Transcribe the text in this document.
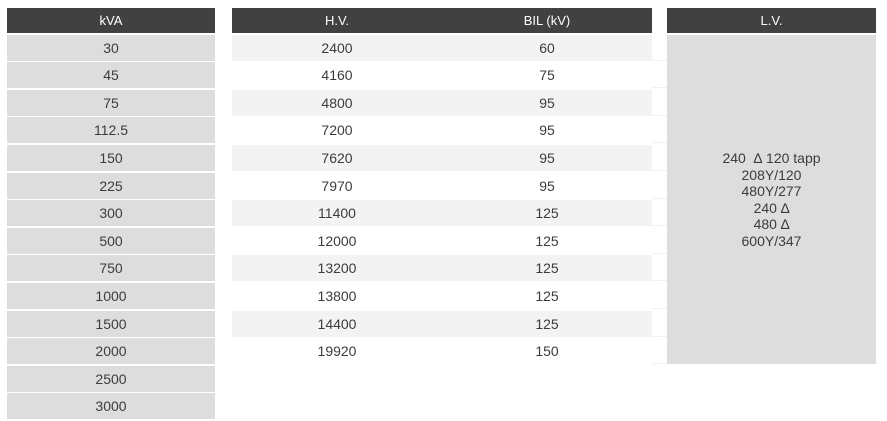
kVA
30
45
75
112.5
150
225
300
500
750
1000
1500
2000
2500
3000
H.V.	BIL (kV)
2400	60
4160	75
4800	95
7200	95
7620	95
7970	95
11400	125
12000	125
13200	125
13800	125
14400	125
19920	150
L.V.
240  ∆ 120 tapp
208Y/120
480Y/277
240 ∆
480 ∆
600Y/347
